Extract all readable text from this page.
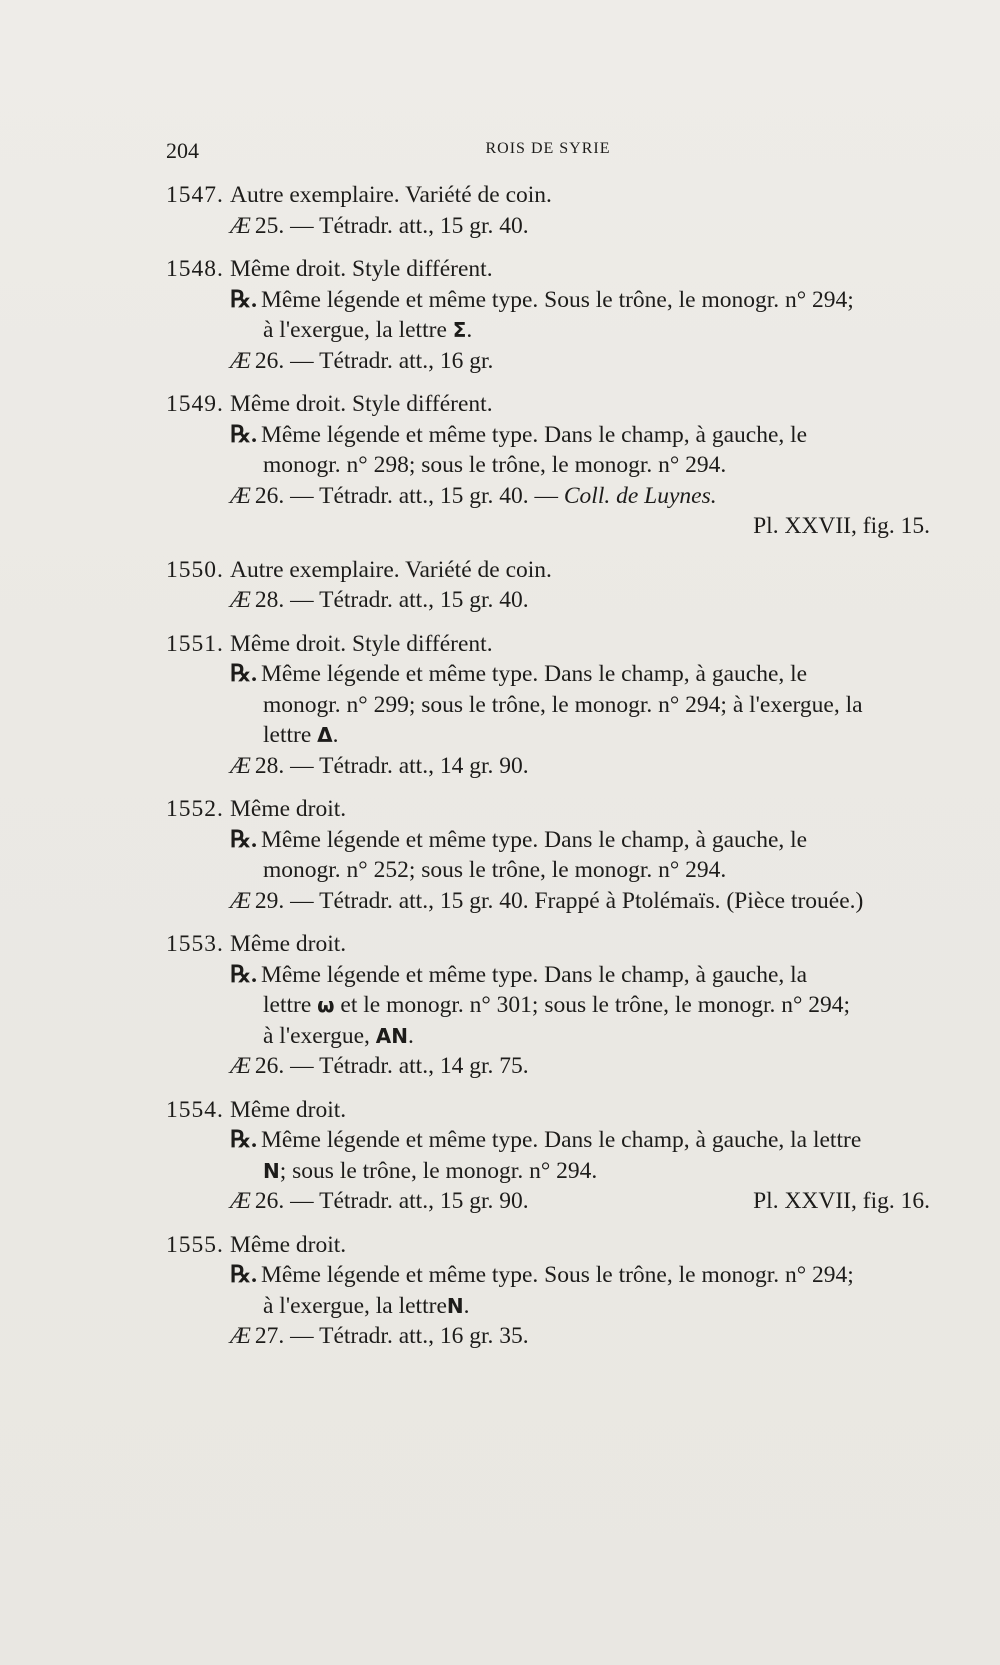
204	ROIS DE SYRIE
1547. Autre exemplaire. Variété de coin.
Æ 25. — Tétradr. att., 15 gr. 40.
1548. Même droit. Style différent.
℞. Même légende et même type. Sous le trône, le monogr. n° 294;
à l'exergue, la lettre Σ.
Æ 26. — Tétradr. att., 16 gr.
1549. Même droit. Style différent.
℞. Même légende et même type. Dans le champ, à gauche, le
monogr. n° 298; sous le trône, le monogr. n° 294.
Æ 26. — Tétradr. att., 15 gr. 40. — Coll. de Luynes.
Pl. XXVII, fig. 15.
1550. Autre exemplaire. Variété de coin.
Æ 28. — Tétradr. att., 15 gr. 40.
1551. Même droit. Style différent.
℞. Même légende et même type. Dans le champ, à gauche, le
monogr. n° 299; sous le trône, le monogr. n° 294; à l'exergue, la
lettre Δ.
Æ 28. — Tétradr. att., 14 gr. 90.
1552. Même droit.
℞. Même légende et même type. Dans le champ, à gauche, le
monogr. n° 252; sous le trône, le monogr. n° 294.
Æ 29. — Tétradr. att., 15 gr. 40. Frappé à Ptolémaïs. (Pièce trouée.)
1553. Même droit.
℞. Même légende et même type. Dans le champ, à gauche, la
lettre ω et le monogr. n° 301; sous le trône, le monogr. n° 294;
à l'exergue, ΑΝ.
Æ 26. — Tétradr. att., 14 gr. 75.
1554. Même droit.
℞. Même légende et même type. Dans le champ, à gauche, la lettre
Ν; sous le trône, le monogr. n° 294.
Æ 26. — Tétradr. att., 15 gr. 90.	Pl. XXVII, fig. 16.
1555. Même droit.
℞. Même légende et même type. Sous le trône, le monogr. n° 294;
à l'exergue, la lettreΝ.
Æ 27. — Tétradr. att., 16 gr. 35.
